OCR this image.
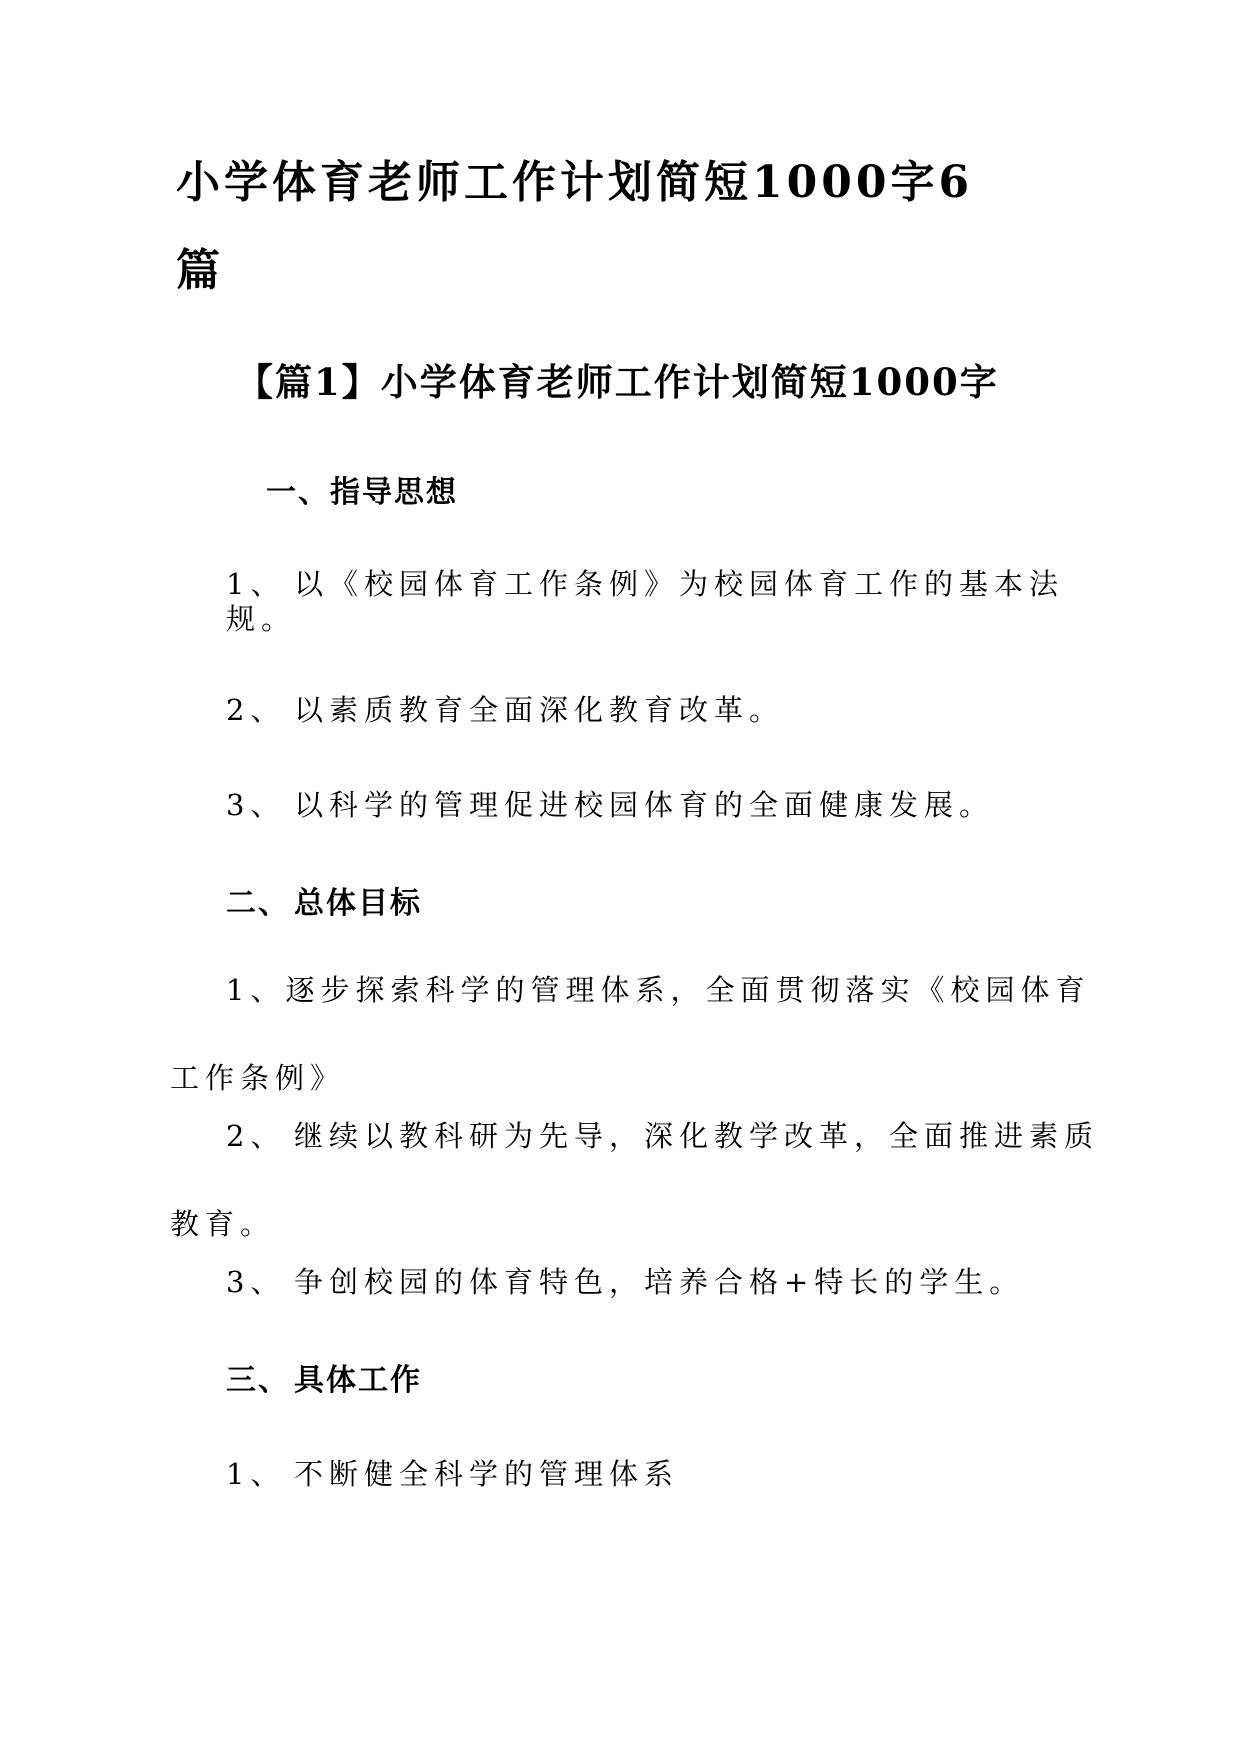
小学体育老师工作计划简短1000字6
篇
【篇1】小学体育老师工作计划简短1000字
一、指导思想
1、 以《校园体育工作条例》为校园体育工作的基本法
规。
2、 以素质教育全面深化教育改革。
3、 以科学的管理促进校园体育的全面健康发展。
二、 总体目标
1、逐步探索科学的管理体系，全面贯彻落实《校园体育
工作条例》
2、 继续以教科研为先导，深化教学改革，全面推进素质
教育。
3、 争创校园的体育特色，培养合格+特长的学生。
三、 具体工作
1、 不断健全科学的管理体系
